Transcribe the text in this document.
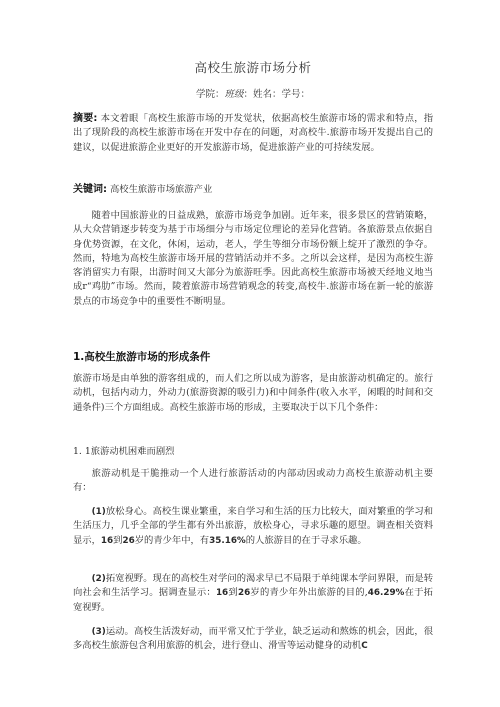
高校生旅游市场分析
学院：班级：姓名：学号：

摘要: 本文着眼「高校生旅游市场的开发觉状，依据高校生旅游市场的需求和特点，指出了现阶段的高校生旅游市场在开发中存在的问题，对高校牛.旅游市场开发提出自己的建议，以促进旅游企业更好的开发旅游市场，促进旅游产业的可持续发展。

关键词: 高校生旅游市场旅游产业

随着中国旅游业的日益成熟，旅游市场竞争加剧。近年来，很多景区的营销策略，从大众营销逐步转变为基于市场细分与市场定位理论的差异化营销。各旅游景点依据自身优势资源，在文化，休闲，运动，老人，学生等细分市场份额上绽开了激烈的争夺。然而，特地为高校生旅游市场开展的营销活动并不多。之所以会这样，是因为高校生游客消留实力有限，出游时间又大部分为旅游旺季。因此高校生旅游市场被天经地义地当成r“鸡肋”市场。然而，陵着旅游市场营销观念的转变,高校牛.旅游市场在新一轮的旅游景点的市场竞争中的重要性不断明显。

1.高校生旅游市场的形成条件

旅游市场是由单独的游客组成的，而人们之所以成为游客，是由旅游动机确定的。旅行动机，包括内动力，外动力(旅游资源的吸引力)和中间条件(收入水平，闲暇的时间和交通条件)三个方面组成。高校生旅游市场的形成，主要取决于以下几个条件：

1. 1旅游动机困难而剧烈

旅游动机是干脆推动一个人进行旅游活动的内部动因或动力高校生旅游动机主要有：

(1)放松身心。高校生课业繁重，来自学习和生活的压力比较大，面对繁重的学习和生活压力，几乎全部的学生都有外出旅游，放松身心，寻求乐趣的愿望。调查相关资料显示，16到26岁的青少年中，有35.16%的人旅游目的在于寻求乐趣。

(2)拓宽视野。现在的高校生对学问的渴求早已不局限于单纯课本学问界限，而是转向社会和生活学习。据调查显示：16到26岁的青少年外出旅游的目的,46.29%在于拓宽视野。

(3)运动。高校生活泼好动，而平常又忙于学业，缺乏运动和熬炼的机会，因此，很多高校生旅游包含利用旅游的机会，进行登山、滑雪等运动健身的动机C
